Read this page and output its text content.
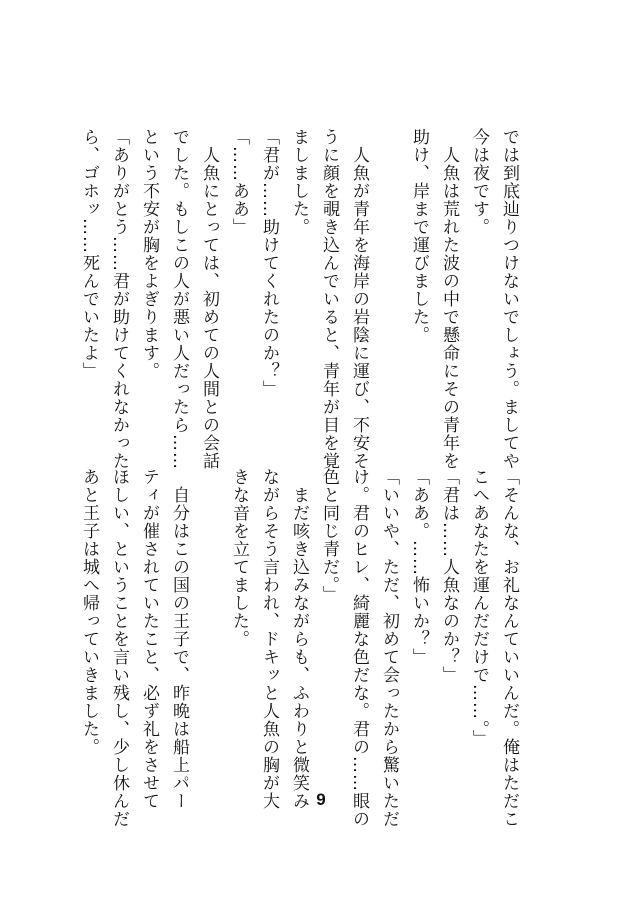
では到底辿りつけないでしょう。ましてや
今は夜です。
　人魚は荒れた波の中で懸命にその青年を
助け、岸まで運びました。

　人魚が青年を海岸の岩陰に運び、不安そ
うに顔を覗き込んでいると、青年が目を覚
ましました。
「君が……助けてくれたのか？」
「……ああ」
　人魚にとっては、初めての人間との会話
でした。もしこの人が悪い人だったら……
という不安が胸をよぎります。
「ありがとう……君が助けてくれなかった
ら、ゴホッ……死んでいたよ」
「そんな、お礼なんていいんだ。俺はただこ
こへあなたを運んだだけで……。」
「君は……人魚なのか？」
「ああ。……怖いか？」
「いいや、ただ、初めて会ったから驚いただ
け。君のヒレ、綺麗な色だな。君の……眼の
色と同じ青だ。」
　まだ咳き込みながらも、ふわりと微笑み
ながらそう言われ、ドキッと人魚の胸が大
きな音を立てました。

　自分はこの国の王子で、昨晩は船上パー
ティが催されていたこと、必ず礼をさせて
ほしい、ということを言い残し、少し休んだ
あと王子は城へ帰っていきました。
9
